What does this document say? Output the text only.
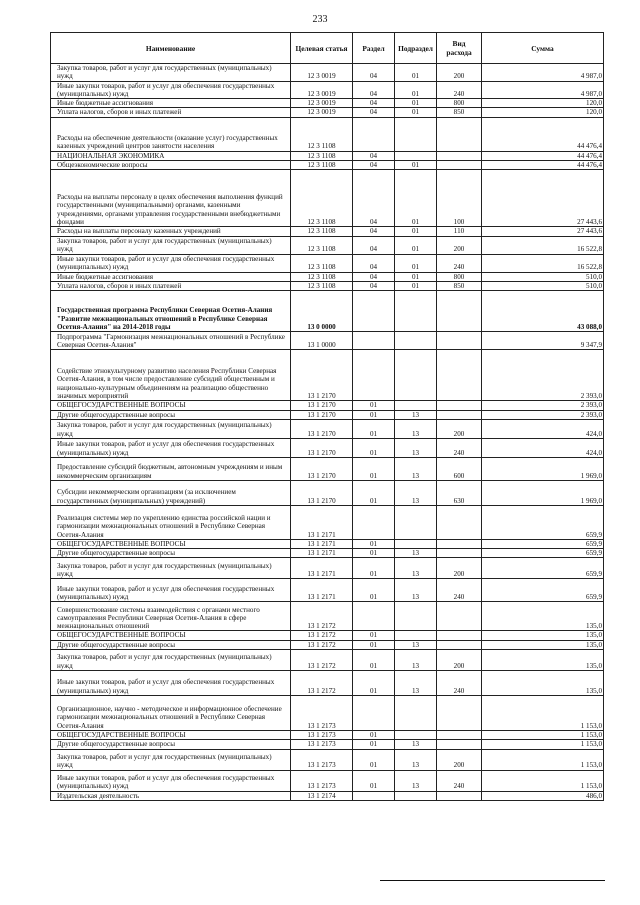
233
Наименование	Целевая статья	Раздел	Подраздел	Вид расхода	Сумма
Закупка товаров, работ и услуг для государственных (муниципальных) нужд	12 3 0019	04	01	200	4 987,0
Иные закупки товаров, работ и услуг для обеспечения государственных (муниципальных) нужд	12 3 0019	04	01	240	4 987,0
Иные бюджетные ассигнования	12 3 0019	04	01	800	120,0
Уплата налогов, сборов и иных платежей	12 3 0019	04	01	850	120,0
Расходы на обеспечение деятельности (оказание услуг) государственных казенных учреждений центров занятости населения	12 3 1108				44 476,4
НАЦИОНАЛЬНАЯ ЭКОНОМИКА	12 3 1108	04			44 476,4
Общеэкономические вопросы	12 3 1108	04	01		44 476,4
Расходы на выплаты персоналу в целях обеспечения выполнения функций государственными (муниципальными) органами, казенными учреждениями, органами управления государственными внебюджетными фондами	12 3 1108	04	01	100	27 443,6
Расходы на выплаты персоналу казенных учреждений	12 3 1108	04	01	110	27 443,6
Закупка товаров, работ и услуг для государственных (муниципальных) нужд	12 3 1108	04	01	200	16 522,8
Иные закупки товаров, работ и услуг для обеспечения государственных (муниципальных) нужд	12 3 1108	04	01	240	16 522,8
Иные бюджетные ассигнования	12 3 1108	04	01	800	510,0
Уплата налогов, сборов и иных платежей	12 3 1108	04	01	850	510,0
Государственная программа Республики Северная Осетия-Алания "Развитие межнациональных отношений в Республике Северная Осетия-Алания" на 2014-2018 годы	13 0 0000				43 088,0
Подпрограмма "Гармонизация межнациональных отношений в Республике Северная Осетия-Алания"	13 1 0000				9 347,9
Содействие этнокультурному развитию населения Республики Северная Осетия-Алания, в том числе предоставление субсидий общественным и национально-культурным объединениям на реализацию общественно значимых мероприятий	13 1 2170				2 393,0
ОБЩЕГОСУДАРСТВЕННЫЕ ВОПРОСЫ	13 1 2170	01			2 393,0
Другие общегосударственные вопросы	13 1 2170	01	13		2 393,0
Закупка товаров, работ и услуг для государственных (муниципальных) нужд	13 1 2170	01	13	200	424,0
Иные закупки товаров, работ и услуг для обеспечения государственных (муниципальных) нужд	13 1 2170	01	13	240	424,0
Предоставление субсидий бюджетным, автономным учреждениям и иным некоммерческим организациям	13 1 2170	01	13	600	1 969,0
Субсидии некоммерческим организациям (за исключением государственных (муниципальных) учреждений)	13 1 2170	01	13	630	1 969,0
Реализация системы мер по укреплению единства российской нации и гармонизации межнациональных отношений в Республике Северная Осетия-Алания	13 1 2171				659,9
ОБЩЕГОСУДАРСТВЕННЫЕ ВОПРОСЫ	13 1 2171	01			659,9
Другие общегосударственные вопросы	13 1 2171	01	13		659,9
Закупка товаров, работ и услуг для государственных (муниципальных) нужд	13 1 2171	01	13	200	659,9
Иные закупки товаров, работ и услуг для обеспечения государственных (муниципальных) нужд	13 1 2171	01	13	240	659,9
Совершенствование системы взаимодействия с органами местного самоуправления Республики Северная Осетия-Алания в сфере межнациональных отношений	13 1 2172				135,0
ОБЩЕГОСУДАРСТВЕННЫЕ ВОПРОСЫ	13 1 2172	01			135,0
Другие общегосударственные вопросы	13 1 2172	01	13		135,0
Закупка товаров, работ и услуг для государственных (муниципальных) нужд	13 1 2172	01	13	200	135,0
Иные закупки товаров, работ и услуг для обеспечения государственных (муниципальных) нужд	13 1 2172	01	13	240	135,0
Организационное, научно - методическое и информационное обеспечение гармонизации межнациональных отношений в Республике Северная Осетия-Алания	13 1 2173				1 153,0
ОБЩЕГОСУДАРСТВЕННЫЕ ВОПРОСЫ	13 1 2173	01			1 153,0
Другие общегосударственные вопросы	13 1 2173	01	13		1 153,0
Закупка товаров, работ и услуг для государственных (муниципальных) нужд	13 1 2173	01	13	200	1 153,0
Иные закупки товаров, работ и услуг для обеспечения государственных (муниципальных) нужд	13 1 2173	01	13	240	1 153,0
Издательская деятельность	13 1 2174				486,0
